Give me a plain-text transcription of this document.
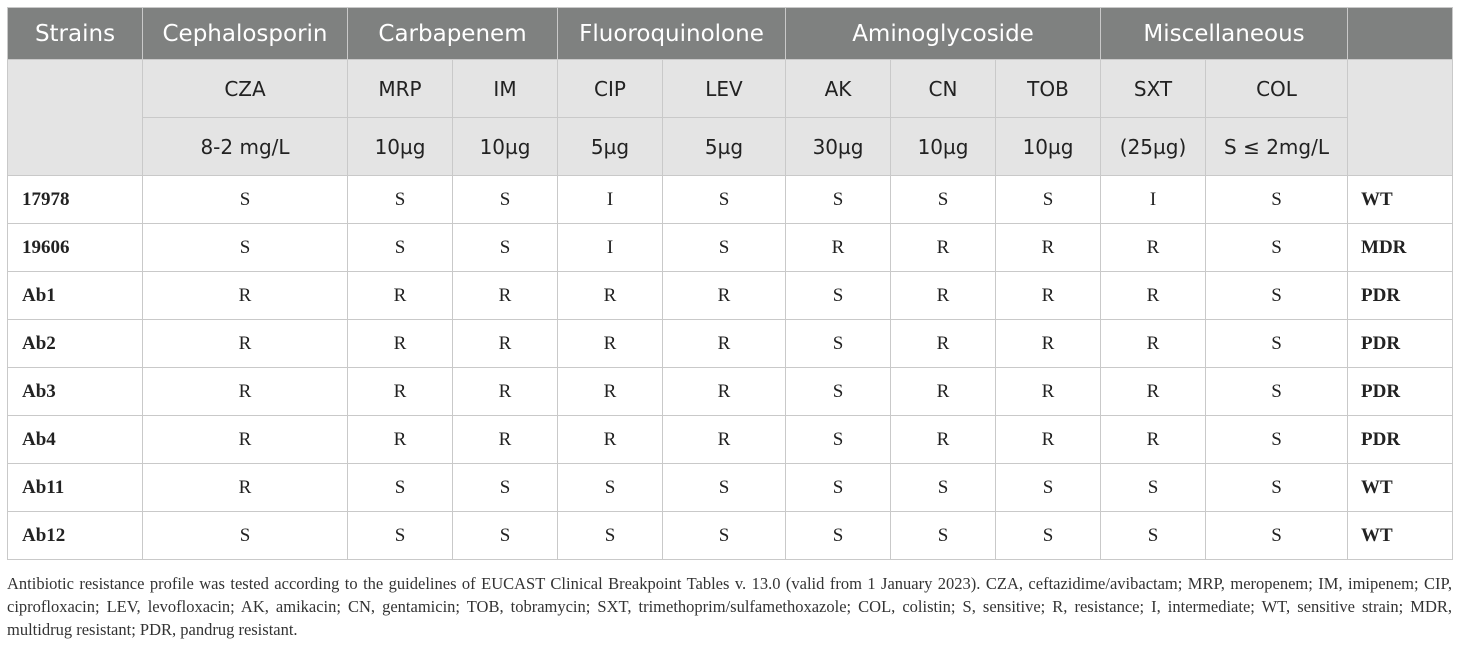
Strains	Cephalosporin	Carbapenem		Fluoroquinolone		Aminoglycoside			Miscellaneous		
	CZA	MRP	IM	CIP	LEV	AK	CN	TOB	SXT	COL	
	8-2 mg/L	10µg	10µg	5µg	5µg	30µg	10µg	10µg	(25µg)	S ≤ 2mg/L	
17978	S	S	S	I	S	S	S	S	I	S	WT
19606	S	S	S	I	S	R	R	R	R	S	MDR
Ab1	R	R	R	R	R	S	R	R	R	S	PDR
Ab2	R	R	R	R	R	S	R	R	R	S	PDR
Ab3	R	R	R	R	R	S	R	R	R	S	PDR
Ab4	R	R	R	R	R	S	R	R	R	S	PDR
Ab11	R	S	S	S	S	S	S	S	S	S	WT
Ab12	S	S	S	S	S	S	S	S	S	S	WT

Antibiotic resistance profile was tested according to the guidelines of EUCAST Clinical Breakpoint Tables v. 13.0 (valid from 1 January 2023). CZA, ceftazidime/avibactam; MRP, meropenem; IM, imipenem; CIP, ciprofloxacin; LEV, levofloxacin; AK, amikacin; CN, gentamicin; TOB, tobramycin; SXT, trimethoprim/sulfamethoxazole; COL, colistin; S, sensitive; R, resistance; I, intermediate; WT, sensitive strain; MDR, multidrug resistant; PDR, pandrug resistant.
